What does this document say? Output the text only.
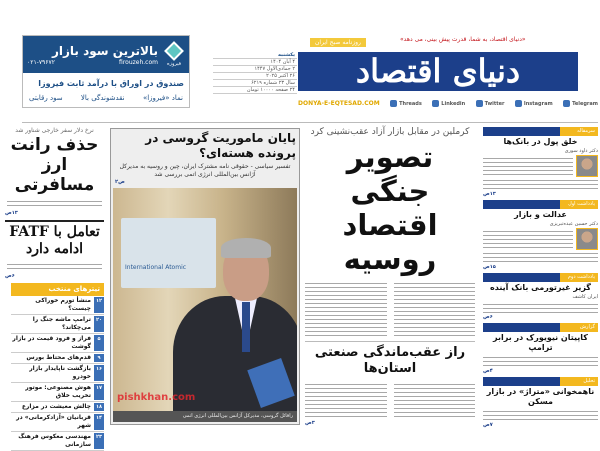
فیروزه
بالاترین سود بازار
۰۲۱-۷۹۶۷۲	firouzeh.com
صندوق در اوراق با درآمد ثابت فیروزا
نماد «فیروزا»
نقدشوندگی بالا
سود رقابتی
یکشنبه
۴ آبان ۱۴۰۴
۲ جمادی‌الاول ۱۴۴۷
۲۶ اکتبر ۲۰۲۵
سال ۲۳ شماره ۶۲۱۹
۲۴ صفحه ۱۰۰۰۰ تومان	دنیای اقتصاد
«دنیای اقتصاد، به شما، قدرت پیش بینی، می دهد»
روزنامه صبح ایران
DONYA-E-EQTESAD.COM	Threads	Linkedin	Twitter	Instagram	Telegram
نرخ دلار سفر خارجی شناور شد
حذف رانت ارز مسافرتی
۱۳ص
تعامل با FATF ادامه دارد
۶ص
تیترهای منتخب
۱۲
منشأ تورم خوراکی چیست؟
۲۰
ترامپ ماشه جنگ را می‌چکاند؟
۵
فراز و فرود قیمت در بازار گوشت
۹
قدم‌های محتاط بورس
۱۶
بازگشت ناپایدار بازار خودرو
۱۷
هوش مصنوعی: موتور تخریب خلاق
۱۸
چالش معیشت در مزارع
۱۴
قربانیان «آزادکرمانی» در شهر
۲۳
مهندسی معکوس فرهنگ سازمانی
پایان ماموریت گروسی در پرونده هسته‌ای؟
تفسیر سیاسی - حقوقی نامه مشترک ایران، چین و روسیه به مدیرکل آژانس بین‌المللی انرژی اتمی بررسی شد
۲ص
International Atomic
pishkhan.com
رافائل گروسی، مدیرکل آژانس بین‌المللی انرژی اتمی
کرملین در مقابل بازار آزاد عقب‌نشینی کرد
تصویر جنگی اقتصاد روسیه
راز عقب‌ماندگی صنعتی استان‌ها
۳ص
سرمقاله
خلق پول در بانک‌ها
دکتر داود سوری
۱۳ص
یادداشت اول
عدالت و بازار
دکتر حسین عبده‌تبریزی
۱۵ص
یادداشت دوم
گزیر غیرتورمی بانک آینده
ایران کاشف
۶ص
گزارش
کاپیتان نیویورک در برابر ترامپ
۴ص
تحلیل
ناهمخوانی «متراژ» در بازار مسکن
۷ص
